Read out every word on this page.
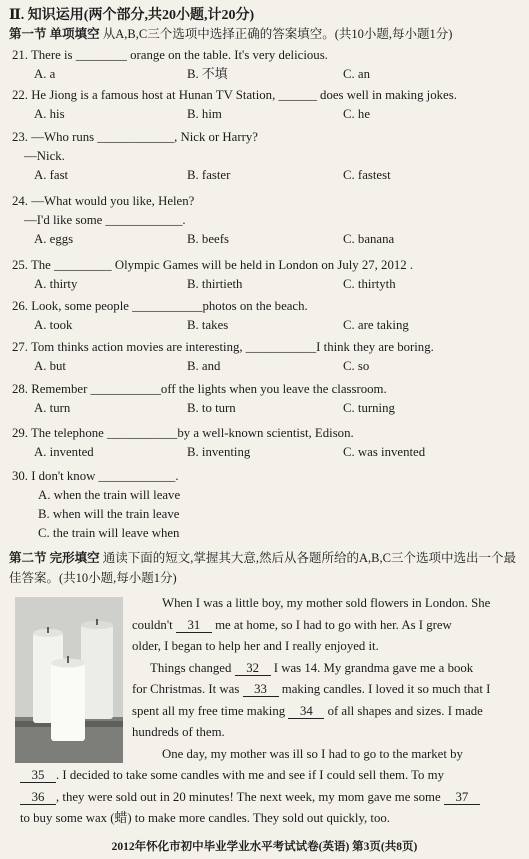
Ⅱ. 知识运用(两个部分,共20小题,计20分)
第一节 单项填空 从A,B,C三个选项中选择正确的答案填空。(共10小题,每小题1分)
21. There is ________ orange on the table. It's very delicious.
A. a	B. 不填	C. an
22. He Jiong is a famous host at Hunan TV Station, ______ does well in making jokes.
A. his	B. him	C. he
23. —Who runs ____________, Nick or Harry?
—Nick.
A. fast	B. faster	C. fastest
24. —What would you like, Helen?
—I'd like some ____________.
A. eggs	B. beefs	C. banana
25. The _________ Olympic Games will be held in London on July 27, 2012 .
A. thirty	B. thirtieth	C. thirtyth
26. Look, some people ___________photos on the beach.
A. took	B. takes	C. are taking
27. Tom thinks action movies are interesting, ___________I think they are boring.
A. but	B. and	C. so
28. Remember ___________off the lights when you leave the classroom.
A. turn	B. to turn	C. turning
29. The telephone ___________by a well-known scientist, Edison.
A. invented	B. inventing	C. was invented
30. I don't know ____________.
A. when the train will leave
B. when will the train leave
C. the train will leave when
第二节 完形填空 通读下面的短文,掌握其大意,然后从各题所给的A,B,C三个选项中选出一个最佳答案。(共10小题,每小题1分)

When I was a little boy, my mother sold flowers in London. She

couldn't 31 me at home, so I had to go with her. As I grew

older, I began to help her and I really enjoyed it.

Things changed 32 I was 14. My grandma gave me a book

for Christmas. It was 33 making candles. I loved it so much that I

spent all my free time making 34 of all shapes and sizes. I made

hundreds of them.

One day, my mother was ill so I had to go to the market by

35 . I decided to take some candles with me and see if I could sell them. To my

36 , they were sold out in 20 minutes! The next week, my mom gave me some 37

to buy some wax (蜡) to make more candles. They sold out quickly, too.

2012年怀化市初中毕业学业水平考试试卷(英语) 第3页(共8页)
